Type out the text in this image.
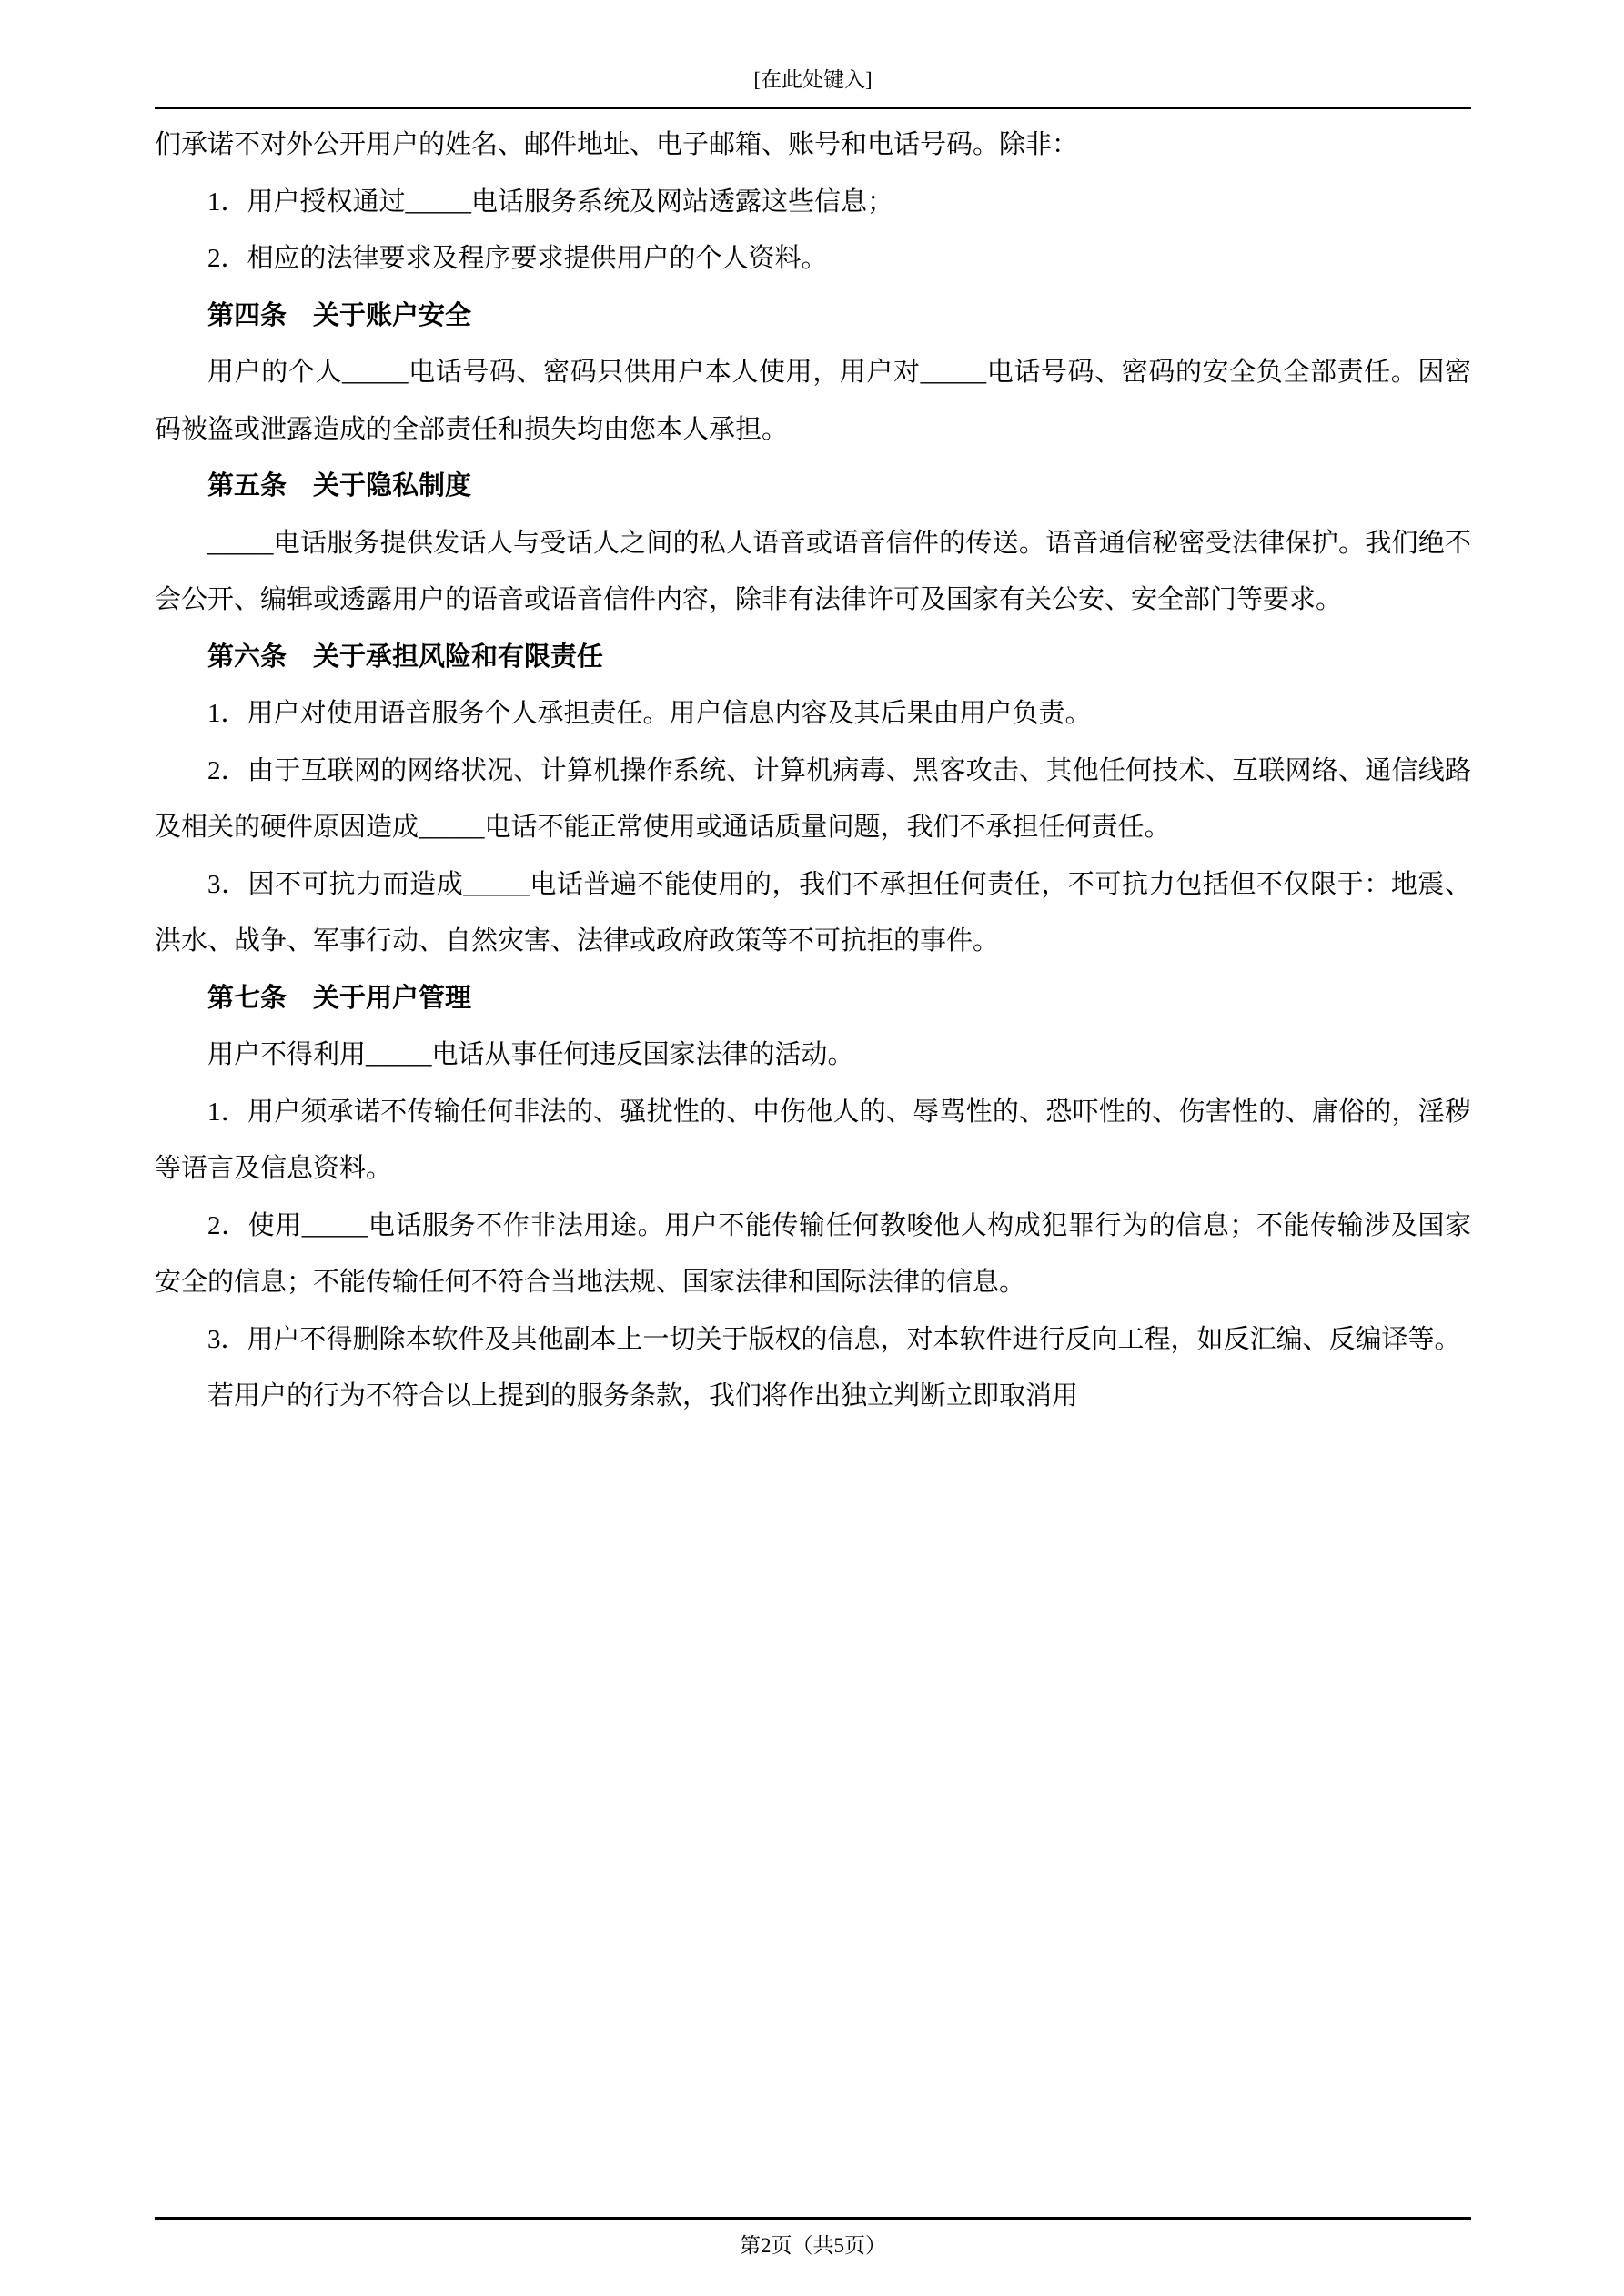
[在此处键入]

们承诺不对外公开用户的姓名、邮件地址、电子邮箱、账号和电话号码。除非：

1．用户授权通过_____电话服务系统及网站透露这些信息；

2．相应的法律要求及程序要求提供用户的个人资料。

第四条　关于账户安全

用户的个人_____电话号码、密码只供用户本人使用，用户对_____电话号码、密码的安全负全部责任。因密码被盗或泄露造成的全部责任和损失均由您本人承担。

第五条　关于隐私制度

_____电话服务提供发话人与受话人之间的私人语音或语音信件的传送。语音通信秘密受法律保护。我们绝不会公开、编辑或透露用户的语音或语音信件内容，除非有法律许可及国家有关公安、安全部门等要求。

第六条　关于承担风险和有限责任

1．用户对使用语音服务个人承担责任。用户信息内容及其后果由用户负责。

2．由于互联网的网络状况、计算机操作系统、计算机病毒、黑客攻击、其他任何技术、互联网络、通信线路及相关的硬件原因造成_____电话不能正常使用或通话质量问题，我们不承担任何责任。

3．因不可抗力而造成_____电话普遍不能使用的，我们不承担任何责任，不可抗力包括但不仅限于：地震、洪水、战争、军事行动、自然灾害、法律或政府政策等不可抗拒的事件。

第七条　关于用户管理

用户不得利用_____电话从事任何违反国家法律的活动。

1．用户须承诺不传输任何非法的、骚扰性的、中伤他人的、辱骂性的、恐吓性的、伤害性的、庸俗的，淫秽等语言及信息资料。

2．使用_____电话服务不作非法用途。用户不能传输任何教唆他人构成犯罪行为的信息；不能传输涉及国家安全的信息；不能传输任何不符合当地法规、国家法律和国际法律的信息。

3．用户不得删除本软件及其他副本上一切关于版权的信息，对本软件进行反向工程，如反汇编、反编译等。

若用户的行为不符合以上提到的服务条款，我们将作出独立判断立即取消用

第2页（共5页）
